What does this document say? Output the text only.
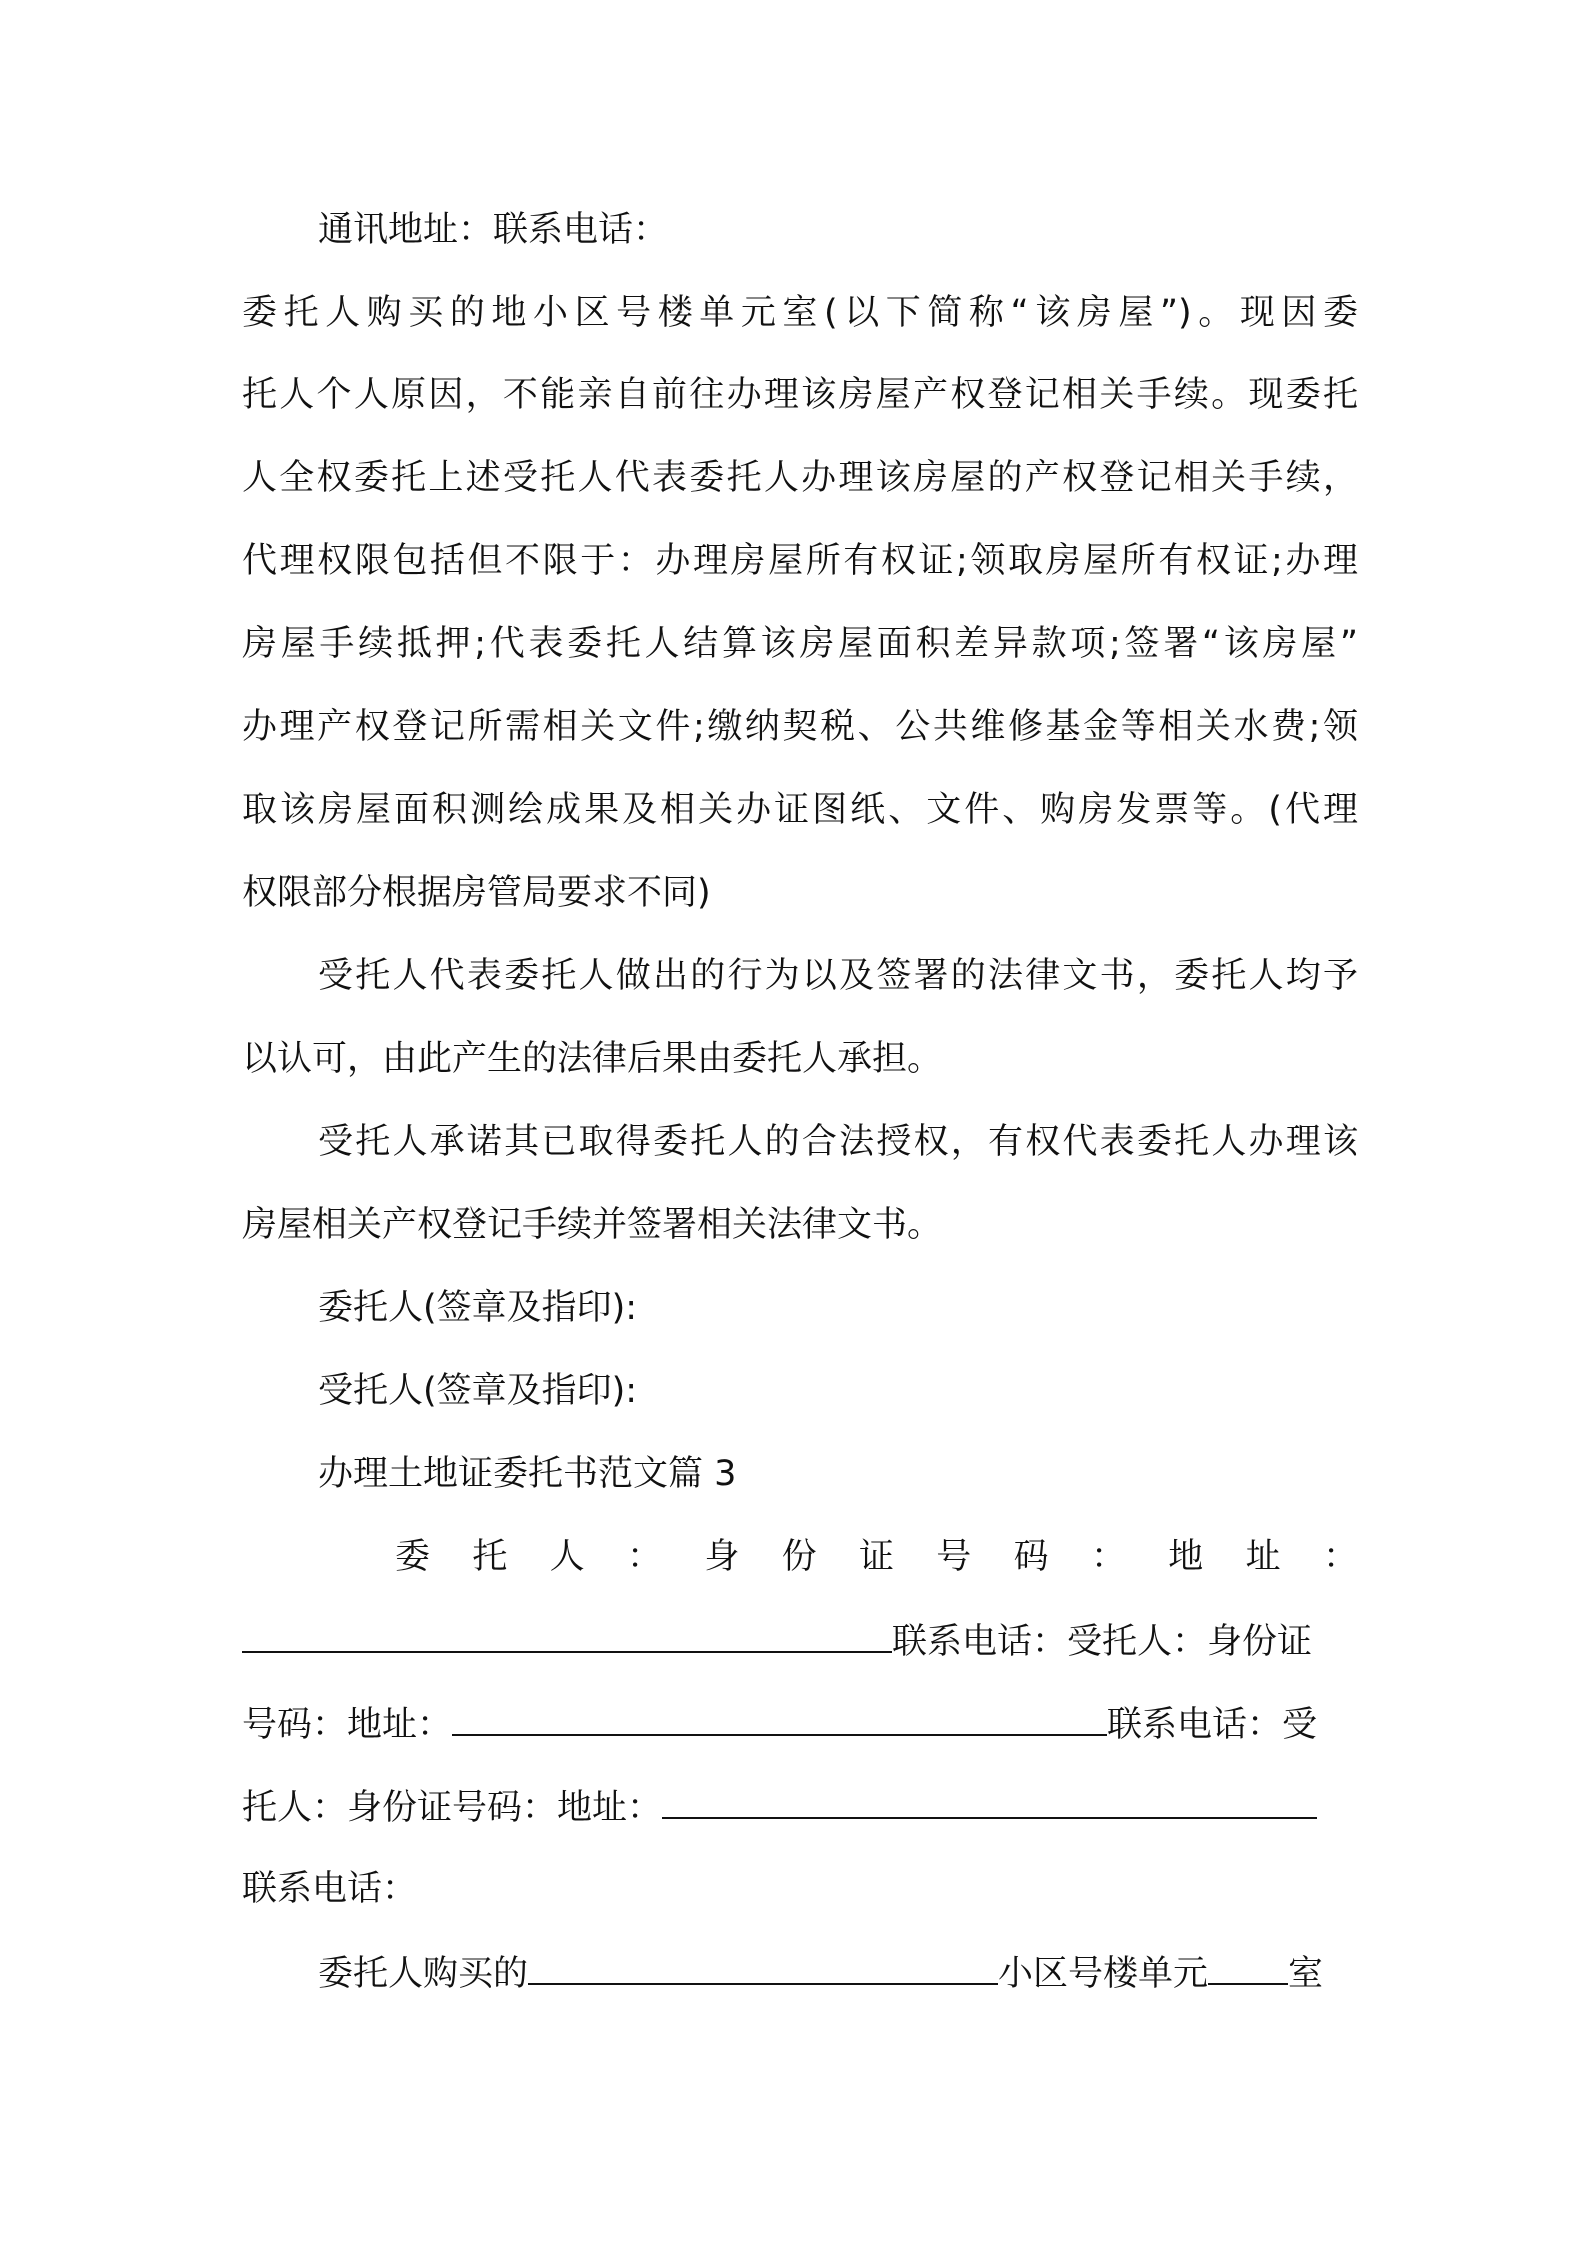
通讯地址：联系电话：

委托人购买的地小区号楼单元室(以下简称“该房屋”)。现因委

托人个人原因，不能亲自前往办理该房屋产权登记相关手续。现委托

人全权委托上述受托人代表委托人办理该房屋的产权登记相关手续，

代理权限包括但不限于：办理房屋所有权证;领取房屋所有权证;办理

房屋手续抵押;代表委托人结算该房屋面积差异款项;签署“该房屋”

办理产权登记所需相关文件;缴纳契税、公共维修基金等相关水费;领

取该房屋面积测绘成果及相关办证图纸、文件、购房发票等。(代理

权限部分根据房管局要求不同)

受托人代表委托人做出的行为以及签署的法律文书，委托人均予

以认可，由此产生的法律后果由委托人承担。

受托人承诺其已取得委托人的合法授权，有权代表委托人办理该

房屋相关产权登记手续并签署相关法律文书。

委托人(签章及指印):

受托人(签章及指印):

办理土地证委托书范文篇 3

委 托 人 ： 身 份 证 号 码 ： 地 址 ：

联系电话：受托人：身份证

号码：地址：	联系电话：受

托人：身份证号码：地址：

联系电话：

委托人购买的	小区号楼单元 室
